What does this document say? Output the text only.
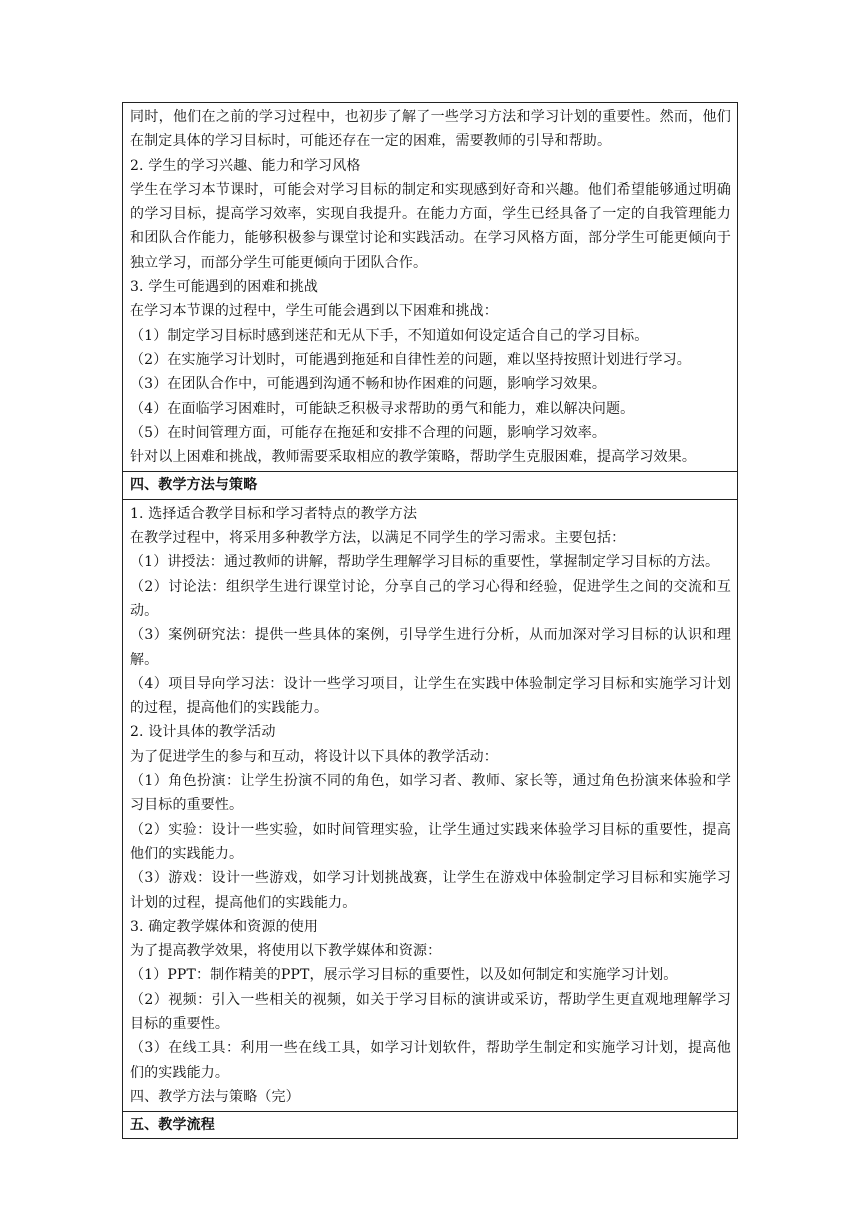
同时，他们在之前的学习过程中，也初步了解了一些学习方法和学习计划的重要性。然而，他们在制定具体的学习目标时，可能还存在一定的困难，需要教师的引导和帮助。

2. 学生的学习兴趣、能力和学习风格

学生在学习本节课时，可能会对学习目标的制定和实现感到好奇和兴趣。他们希望能够通过明确的学习目标，提高学习效率，实现自我提升。在能力方面，学生已经具备了一定的自我管理能力和团队合作能力，能够积极参与课堂讨论和实践活动。在学习风格方面，部分学生可能更倾向于独立学习，而部分学生可能更倾向于团队合作。

3. 学生可能遇到的困难和挑战

在学习本节课的过程中，学生可能会遇到以下困难和挑战：

（1）制定学习目标时感到迷茫和无从下手，不知道如何设定适合自己的学习目标。

（2）在实施学习计划时，可能遇到拖延和自律性差的问题，难以坚持按照计划进行学习。

（3）在团队合作中，可能遇到沟通不畅和协作困难的问题，影响学习效果。

（4）在面临学习困难时，可能缺乏积极寻求帮助的勇气和能力，难以解决问题。

（5）在时间管理方面，可能存在拖延和安排不合理的问题，影响学习效率。

针对以上困难和挑战，教师需要采取相应的教学策略，帮助学生克服困难，提高学习效果。

四、教学方法与策略

1. 选择适合教学目标和学习者特点的教学方法

在教学过程中，将采用多种教学方法，以满足不同学生的学习需求。主要包括：

（1）讲授法：通过教师的讲解，帮助学生理解学习目标的重要性，掌握制定学习目标的方法。

（2）讨论法：组织学生进行课堂讨论，分享自己的学习心得和经验，促进学生之间的交流和互动。

（3）案例研究法：提供一些具体的案例，引导学生进行分析，从而加深对学习目标的认识和理解。

（4）项目导向学习法：设计一些学习项目，让学生在实践中体验制定学习目标和实施学习计划的过程，提高他们的实践能力。

2. 设计具体的教学活动

为了促进学生的参与和互动，将设计以下具体的教学活动：

（1）角色扮演：让学生扮演不同的角色，如学习者、教师、家长等，通过角色扮演来体验和学习目标的重要性。

（2）实验：设计一些实验，如时间管理实验，让学生通过实践来体验学习目标的重要性，提高他们的实践能力。

（3）游戏：设计一些游戏，如学习计划挑战赛，让学生在游戏中体验制定学习目标和实施学习计划的过程，提高他们的实践能力。

3. 确定教学媒体和资源的使用

为了提高教学效果，将使用以下教学媒体和资源：

（1）PPT：制作精美的PPT，展示学习目标的重要性，以及如何制定和实施学习计划。

（2）视频：引入一些相关的视频，如关于学习目标的演讲或采访，帮助学生更直观地理解学习目标的重要性。

（3）在线工具：利用一些在线工具，如学习计划软件，帮助学生制定和实施学习计划，提高他们的实践能力。

四、教学方法与策略（完）

五、教学流程
